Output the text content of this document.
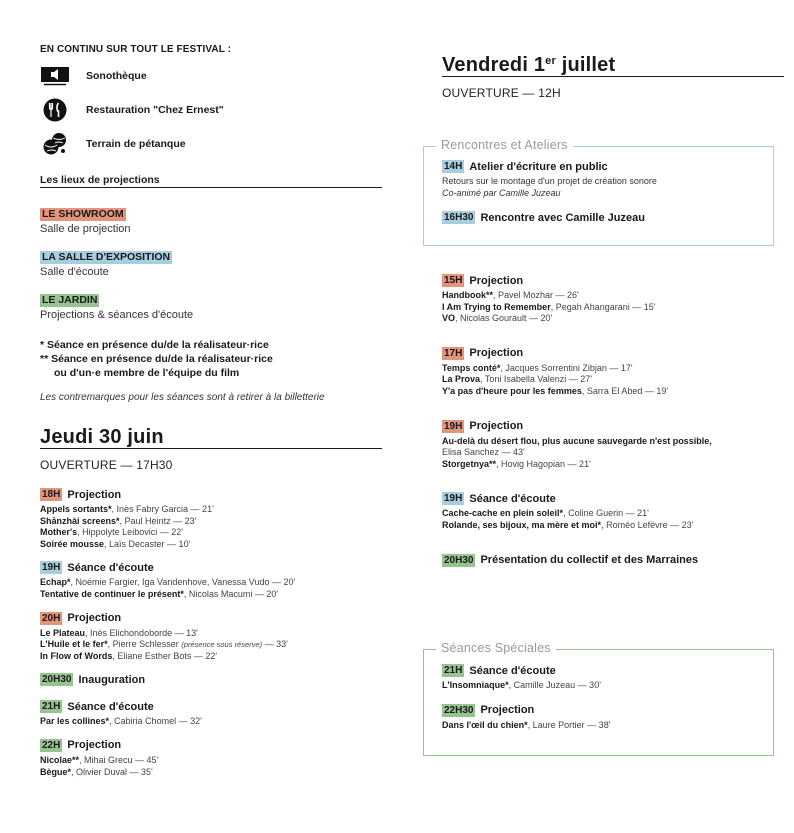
EN CONTINU SUR TOUT LE FESTIVAL :
Sonothèque
Restauration "Chez Ernest"
Terrain de pétanque
Les lieux de projections
LE SHOWROOM
Salle de projection
LA SALLE D'EXPOSITION
Salle d'écoute
LE JARDIN
Projections & séances d'écoute
* Séance en présence du/de la réalisateur·rice
** Séance en présence du/de la réalisateur·rice
ou d'un·e membre de l'équipe du film
Les contremarques pour les séances sont à retirer à la billetterie
Jeudi 30 juin
OUVERTURE — 17H30
18H Projection
Appels sortants*, Inès Fabry Garcia — 21'
Shānzhài screens*, Paul Heintz — 23'
Mother's, Hippolyte Leibovici — 22'
Soirée mousse, Laïs Decaster — 10'
19H Séance d'écoute
Echap*, Noémie Fargier, Iga Vandenhove, Vanessa Vudo — 20'
Tentative de continuer le présent*, Nicolas Macumi — 20'
20H Projection
Le Plateau, Inès Elichondoborde — 13'
L'Huile et le fer*, Pierre Schlesser (présence sous réserve) — 33'
In Flow of Words, Eliane Esther Bots — 22'
20H30 Inauguration
21H Séance d'écoute
Par les collines*, Cabiria Chomel — 32'
22H Projection
Nicolae**, Mihai Grecu — 45'
Bègue*, Olivier Duval — 35'
Vendredi 1er juillet
OUVERTURE — 12H
Rencontres et Ateliers
14H Atelier d'écriture en public
Retours sur le montage d'un projet de création sonore
Co-animé par Camille Juzeau
16H30 Rencontre avec Camille Juzeau
15H Projection
Handbook**, Pavel Mozhar — 26'
I Am Trying to Remember, Pegah Ahangarani — 15'
VO, Nicolas Gourault — 20'
17H Projection
Temps conté*, Jacques Sorrentini Zibjan — 17'
La Prova, Toni Isabella Valenzi — 27'
Y'a pas d'heure pour les femmes, Sarra El Abed — 19'
19H Projection
Au-delà du désert flou, plus aucune sauvegarde n'est possible,
Elisa Sanchez — 43'
Storgetnya**, Hovig Hagopian — 21'
19H Séance d'écoute
Cache-cache en plein soleil*, Coline Guerin — 21'
Rolande, ses bijoux, ma mère et moi*, Roméo Lefèvre — 23'
20H30 Présentation du collectif et des Marraines
Séances Spéciales
21H Séance d'écoute
L'Insomniaque*, Camille Juzeau — 30'
22H30 Projection
Dans l'œil du chien*, Laure Portier — 38'
